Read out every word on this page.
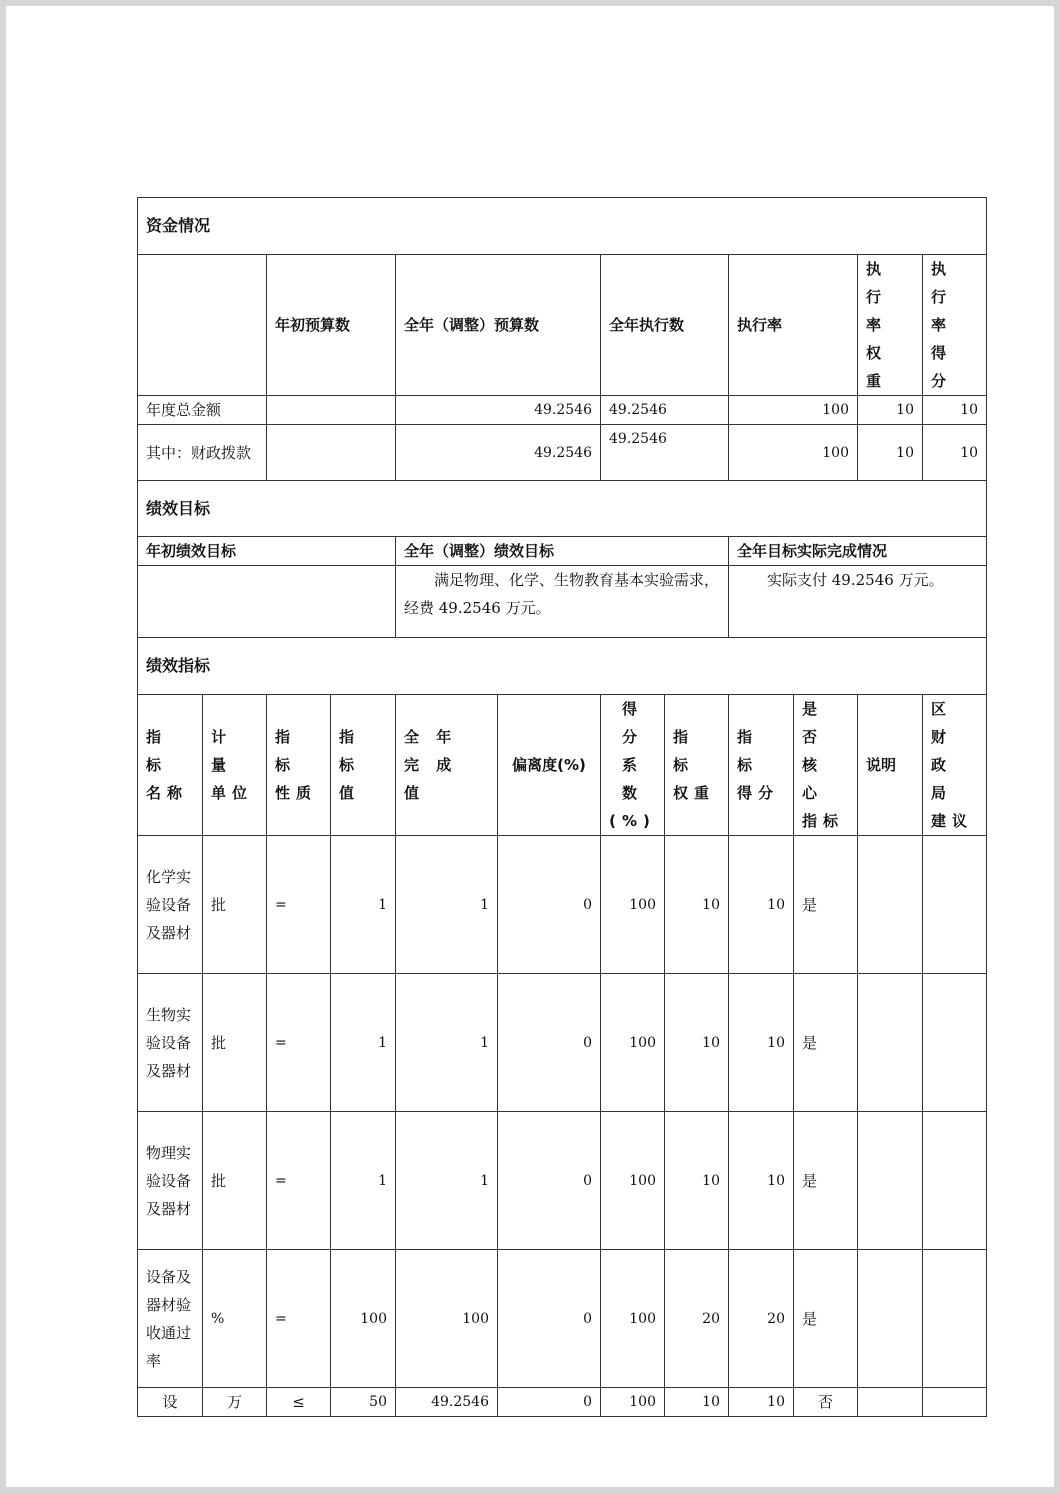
资金情况											
		年初预算数		全年（调整）预算数		全年执行数		执行率		执 行 率 权 重	执 行 率 得 分
年度总金额				49.2546		49.2546		100		10	10
其中：财政拨款				49.2546		49.2546		100		10	10
绩效目标											
年初绩效目标				全年（调整）绩效目标				全年目标实际完成情况			
				满足物理、化学、生物教育基本实验需求，经费 49.2546 万元。				实际支付 49.2546 万元。			
绩效指标											
指 标 名称	计 量 单位	指 标 性质	指 标 值	全 年 完 成 值	偏离度(%)	得 分 系 数 (%)	指 标 权重	指 标 得分	是 否 核 心 指标	说明	区 财 政 局 建议
化学实验设备及器材	批	=	1	1	0	100	10	10	是		
生物实验设备及器材	批	=	1	1	0	100	10	10	是		
物理实验设备及器材	批	=	1	1	0	100	10	10	是		
设备及器材验收通过率	%	=	100	100	0	100	20	20	是		
设	万	≤	50	49.2546	0	100	10	10	否		
